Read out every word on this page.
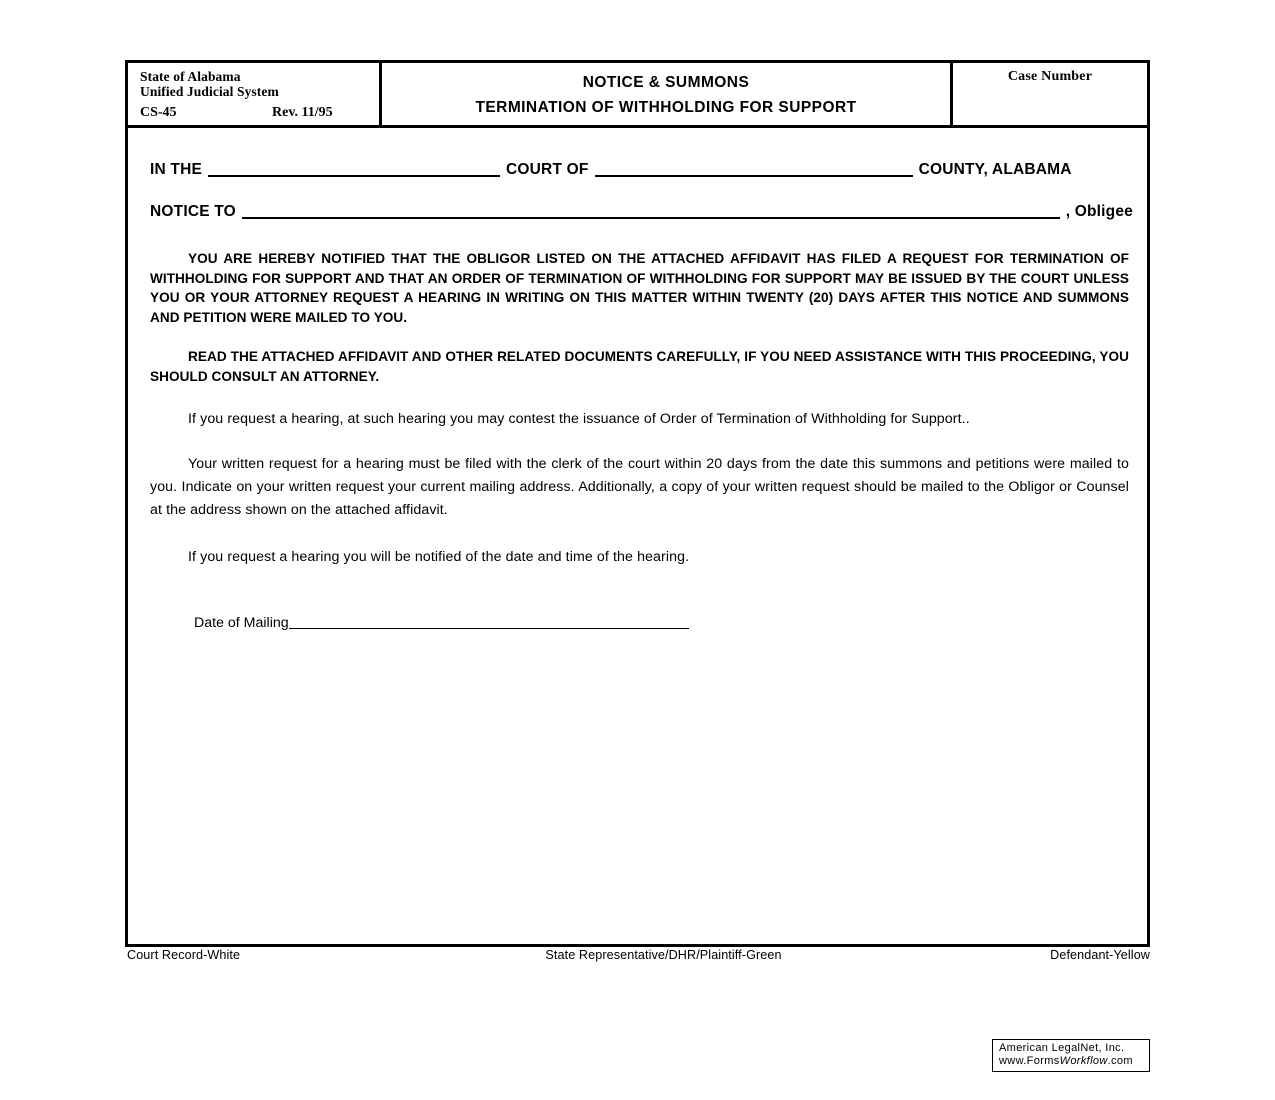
State of Alabama
Unified Judicial System
CS-45	Rev. 11/95
NOTICE & SUMMONS
TERMINATION OF WITHHOLDING FOR SUPPORT
Case Number
IN THE	COURT OF	COUNTY, ALABAMA
NOTICE TO	, Obligee

YOU ARE HEREBY NOTIFIED THAT THE OBLIGOR LISTED ON THE ATTACHED AFFIDAVIT HAS FILED A REQUEST FOR TERMINATION OF WITHHOLDING FOR SUPPORT AND THAT AN ORDER OF TERMINATION OF WITHHOLDING FOR SUPPORT MAY BE ISSUED BY THE COURT UNLESS YOU OR YOUR ATTORNEY REQUEST A HEARING IN WRITING ON THIS MATTER WITHIN TWENTY (20) DAYS AFTER THIS NOTICE AND SUMMONS AND PETITION WERE MAILED TO YOU.

READ THE ATTACHED AFFIDAVIT AND OTHER RELATED DOCUMENTS CAREFULLY, IF YOU NEED ASSISTANCE WITH THIS PROCEEDING, YOU SHOULD CONSULT AN ATTORNEY.

If you request a hearing, at such hearing you may contest the issuance of Order of Termination of Withholding for Support..

Your written request for a hearing must be filed with the clerk of the court within 20 days from the date this summons and petitions were mailed to you. Indicate on your written request your current mailing address. Additionally, a copy of your written request should be mailed to the Obligor or Counsel at the address shown on the attached affidavit.

If you request a hearing you will be notified of the date and time of the hearing.

Date of Mailing
Court Record-White	State Representative/DHR/Plaintiff-Green	Defendant-Yellow
American LegalNet, Inc.
www.FormsWorkflow.com
